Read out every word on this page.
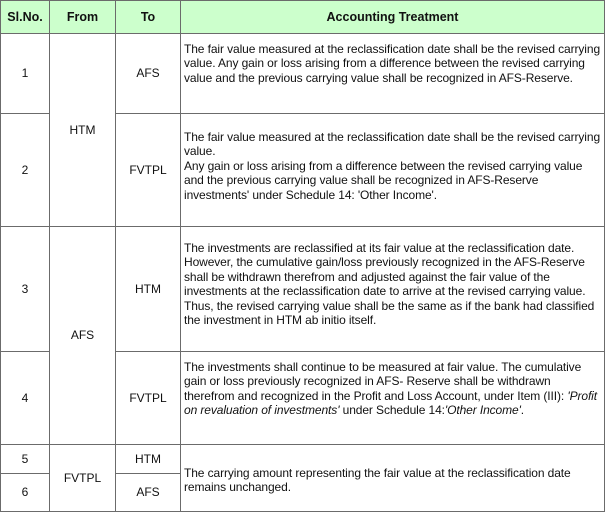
Sl.No.	From	To	Accounting Treatment
1	HTM	AFS	The fair value measured at the reclassification date shall be the revised carrying value. Any gain or loss arising from a difference between the revised carrying value and the previous carrying value shall be recognized in AFS-Reserve.
2		FVTPL	The fair value measured at the reclassification date shall be the revised carrying value.
Any gain or loss arising from a difference between the revised carrying value and the previous carrying value shall be recognized in AFS-Reserve investments' under Schedule 14: 'Other Income'.
3	AFS	HTM	The investments are reclassified at its fair value at the reclassification date. However, the cumulative gain/loss previously recognized in the AFS-Reserve shall be withdrawn therefrom and adjusted against the fair value of the investments at the reclassification date to arrive at the revised carrying value. Thus, the revised carrying value shall be the same as if the bank had classified the investment in HTM ab initio itself.
4		FVTPL	The investments shall continue to be measured at fair value. The cumulative gain or loss previously recognized in AFS- Reserve shall be withdrawn therefrom and recognized in the Profit and Loss Account, under Item (III): 'Profit on revaluation of investments' under Schedule 14:'Other Income'.
5	FVTPL	HTM	The carrying amount representing the fair value at the reclassification date remains unchanged.
6		AFS	
